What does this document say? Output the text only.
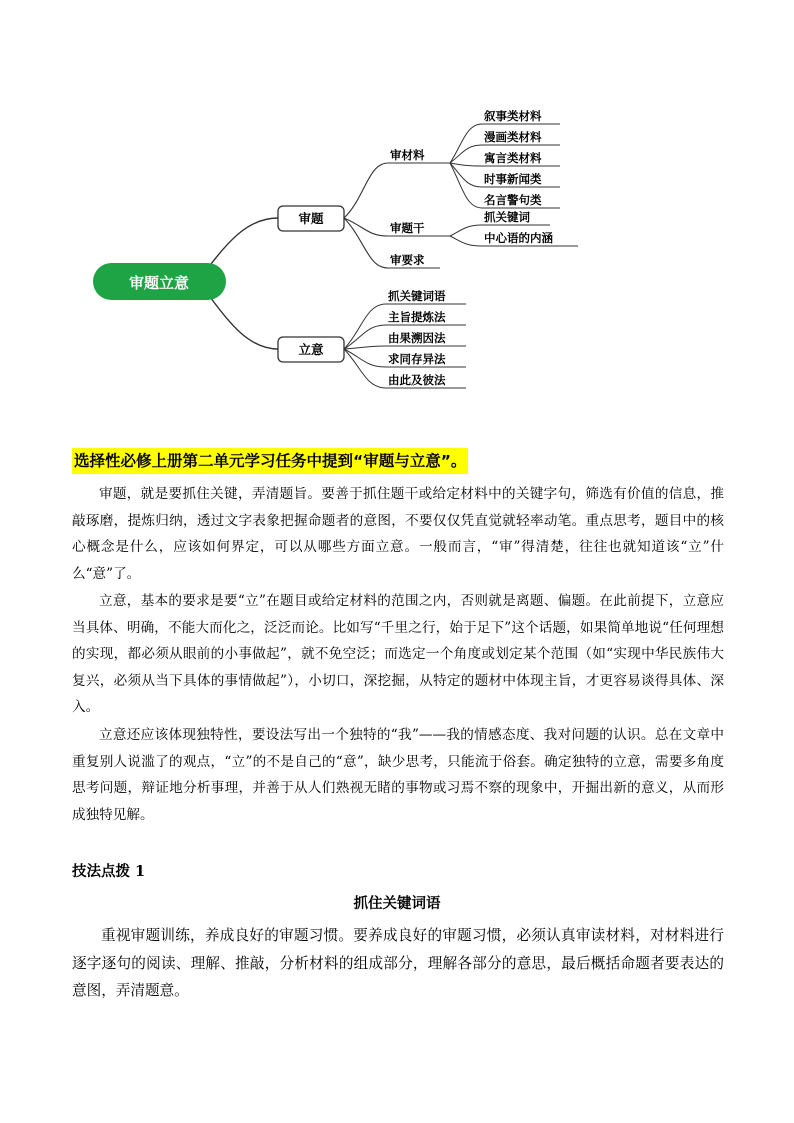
审题立意
审题
立意
审材料
审题干
审要求
叙事类材料
漫画类材料
寓言类材料
时事新闻类
名言警句类
抓关键词
中心语的内涵
抓关键词语
主旨提炼法
由果溯因法
求同存异法
由此及彼法
选择性必修上册第二单元学习任务中提到“审题与立意”。

审题，就是要抓住关键，弄清题旨。要善于抓住题干或给定材料中的关键字句，筛选有价值的信息，推敲琢磨，提炼归纳，透过文字表象把握命题者的意图，不要仅仅凭直觉就轻率动笔。重点思考，题目中的核心概念是什么，应该如何界定，可以从哪些方面立意。一般而言，“审”得清楚，往往也就知道该“立”什么“意”了。

立意，基本的要求是要“立”在题目或给定材料的范围之内，否则就是离题、偏题。在此前提下，立意应当具体、明确，不能大而化之，泛泛而论。比如写“千里之行，始于足下”这个话题，如果简单地说“任何理想的实现，都必须从眼前的小事做起”，就不免空泛；而选定一个角度或划定某个范围（如“实现中华民族伟大复兴，必须从当下具体的事情做起”），小切口，深挖掘，从特定的题材中体现主旨，才更容易谈得具体、深入。

立意还应该体现独特性，要设法写出一个独特的“我”——我的情感态度、我对问题的认识。总在文章中重复别人说滥了的观点，“立”的不是自己的“意”，缺少思考，只能流于俗套。确定独特的立意，需要多角度思考问题，辩证地分析事理，并善于从人们熟视无睹的事物或习焉不察的现象中，开掘出新的意义，从而形成独特见解。

技法点拨 1

抓住关键词语

重视审题训练，养成良好的审题习惯。要养成良好的审题习惯，必须认真审读材料，对材料进行逐字逐句的阅读、理解、推敲，分析材料的组成部分，理解各部分的意思，最后概括命题者要表达的意图，弄清题意。
